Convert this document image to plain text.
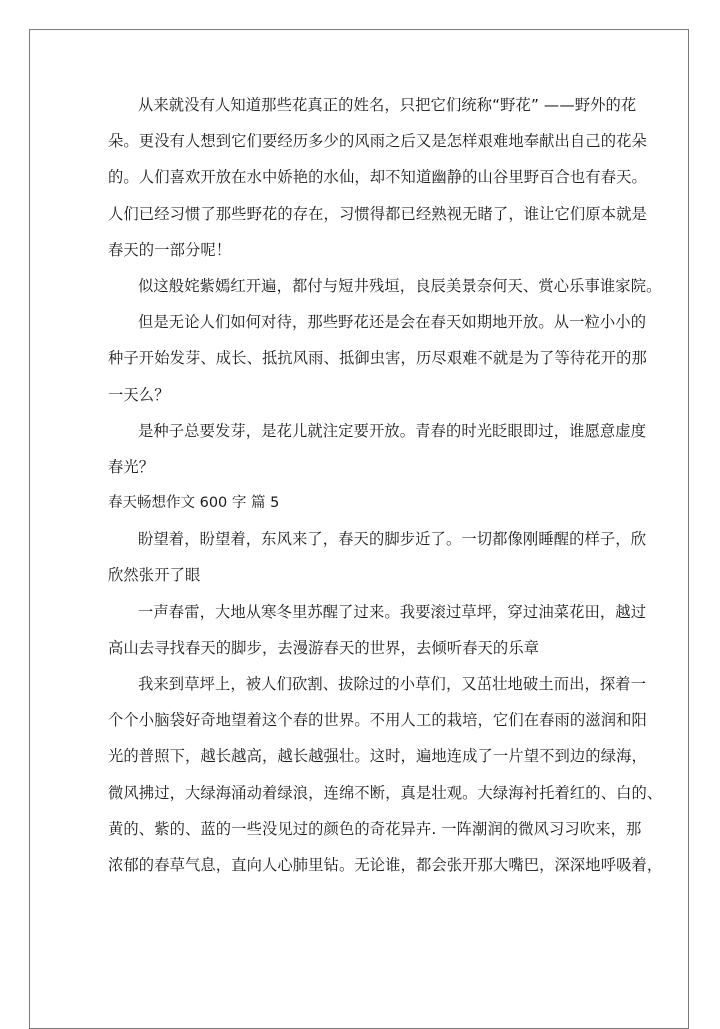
从来就没有人知道那些花真正的姓名，只把它们统称“野花” ——野外的花
朵。更没有人想到它们要经历多少的风雨之后又是怎样艰难地奉献出自己的花朵
的。人们喜欢开放在水中娇艳的水仙，却不知道幽静的山谷里野百合也有春天。
人们已经习惯了那些野花的存在，习惯得都已经熟视无睹了，谁让它们原本就是
春天的一部分呢！
似这般姹紫嫣红开遍，都付与短井残垣，良辰美景奈何天、赏心乐事谁家院。
但是无论人们如何对待，那些野花还是会在春天如期地开放。从一粒小小的
种子开始发芽、成长、抵抗风雨、抵御虫害，历尽艰难不就是为了等待花开的那
一天么？
是种子总要发芽，是花儿就注定要开放。青春的时光眨眼即过，谁愿意虚度
春光？
春天畅想作文 600 字 篇 5
盼望着，盼望着，东风来了，春天的脚步近了。一切都像刚睡醒的样子，欣
欣然张开了眼
一声春雷，大地从寒冬里苏醒了过来。我要滚过草坪，穿过油菜花田，越过
高山去寻找春天的脚步，去漫游春天的世界，去倾听春天的乐章
我来到草坪上，被人们砍割、拔除过的小草们，又茁壮地破土而出，探着一
个个小脑袋好奇地望着这个春的世界。不用人工的栽培，它们在春雨的滋润和阳
光的普照下，越长越高，越长越强壮。这时，遍地连成了一片望不到边的绿海，
微风拂过，大绿海涌动着绿浪，连绵不断，真是壮观。大绿海衬托着红的、白的、
黄的、紫的、蓝的一些没见过的颜色的奇花异卉. 一阵潮润的微风习习吹来，那
浓郁的春草气息，直向人心肺里钻。无论谁，都会张开那大嘴巴，深深地呼吸着，
